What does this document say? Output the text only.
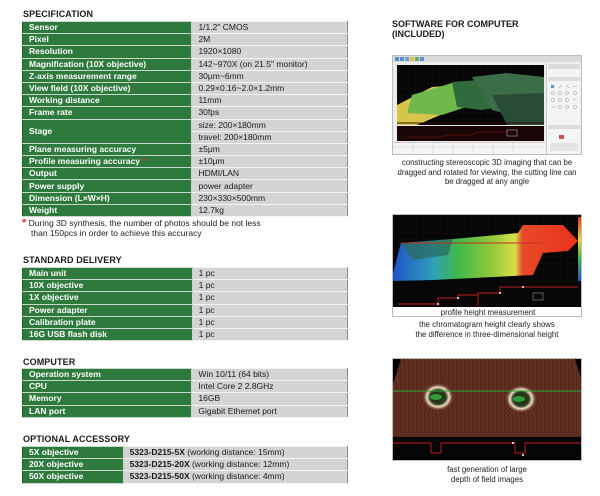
SPECIFICATION
Sensor	1/1.2" CMOS
Pixel	2M
Resolution	1920×1080
Magnification (10X objective)	142~970X (on 21.5" monitor)
Z-axis measurement range	30μm~6mm
View field (10X objective)	0.29×0.16~2.0×1.2mm
Working distance	11mm
Frame rate	30fps
Stage	size: 200×180mm
	travel: 200×180mm
Plane measuring accuracy	±5μm
Profile measuring accuracy *	±10μm
Output	HDMI/LAN
Power supply	power adapter
Dimension (L×W×H)	230×330×500mm
Weight	12.7kg
* During 3D synthesis, the number of photos should be not less
than 150pcs in order to achieve this accuracy
STANDARD DELIVERY
Main unit	1 pc
10X objective	1 pc
1X objective	1 pc
Power adapter	1 pc
Calibration plate	1 pc
16G USB flash disk	1 pc
COMPUTER
Operation system	Win 10/11 (64 bits)
CPU	Intel Core 2 2.8GHz
Memory	16GB
LAN port	Gigabit Ethernet port
OPTIONAL ACCESSORY
5X objective	5323-D215-5X (working distance: 15mm)
20X objective	5323-D215-20X (working distance: 12mm)
50X objective	5323-D215-50X (working distance: 4mm)
SOFTWARE FOR COMPUTER
(INCLUDED)
constructing stereoscopic 3D imaging that can be
dragged and rotated for viewing, the cutting line can
be dragged at any angle
profile height measurement
the chromatogram height clearly shows
the difference in three-dimensional height
fast generation of large
depth of field images
